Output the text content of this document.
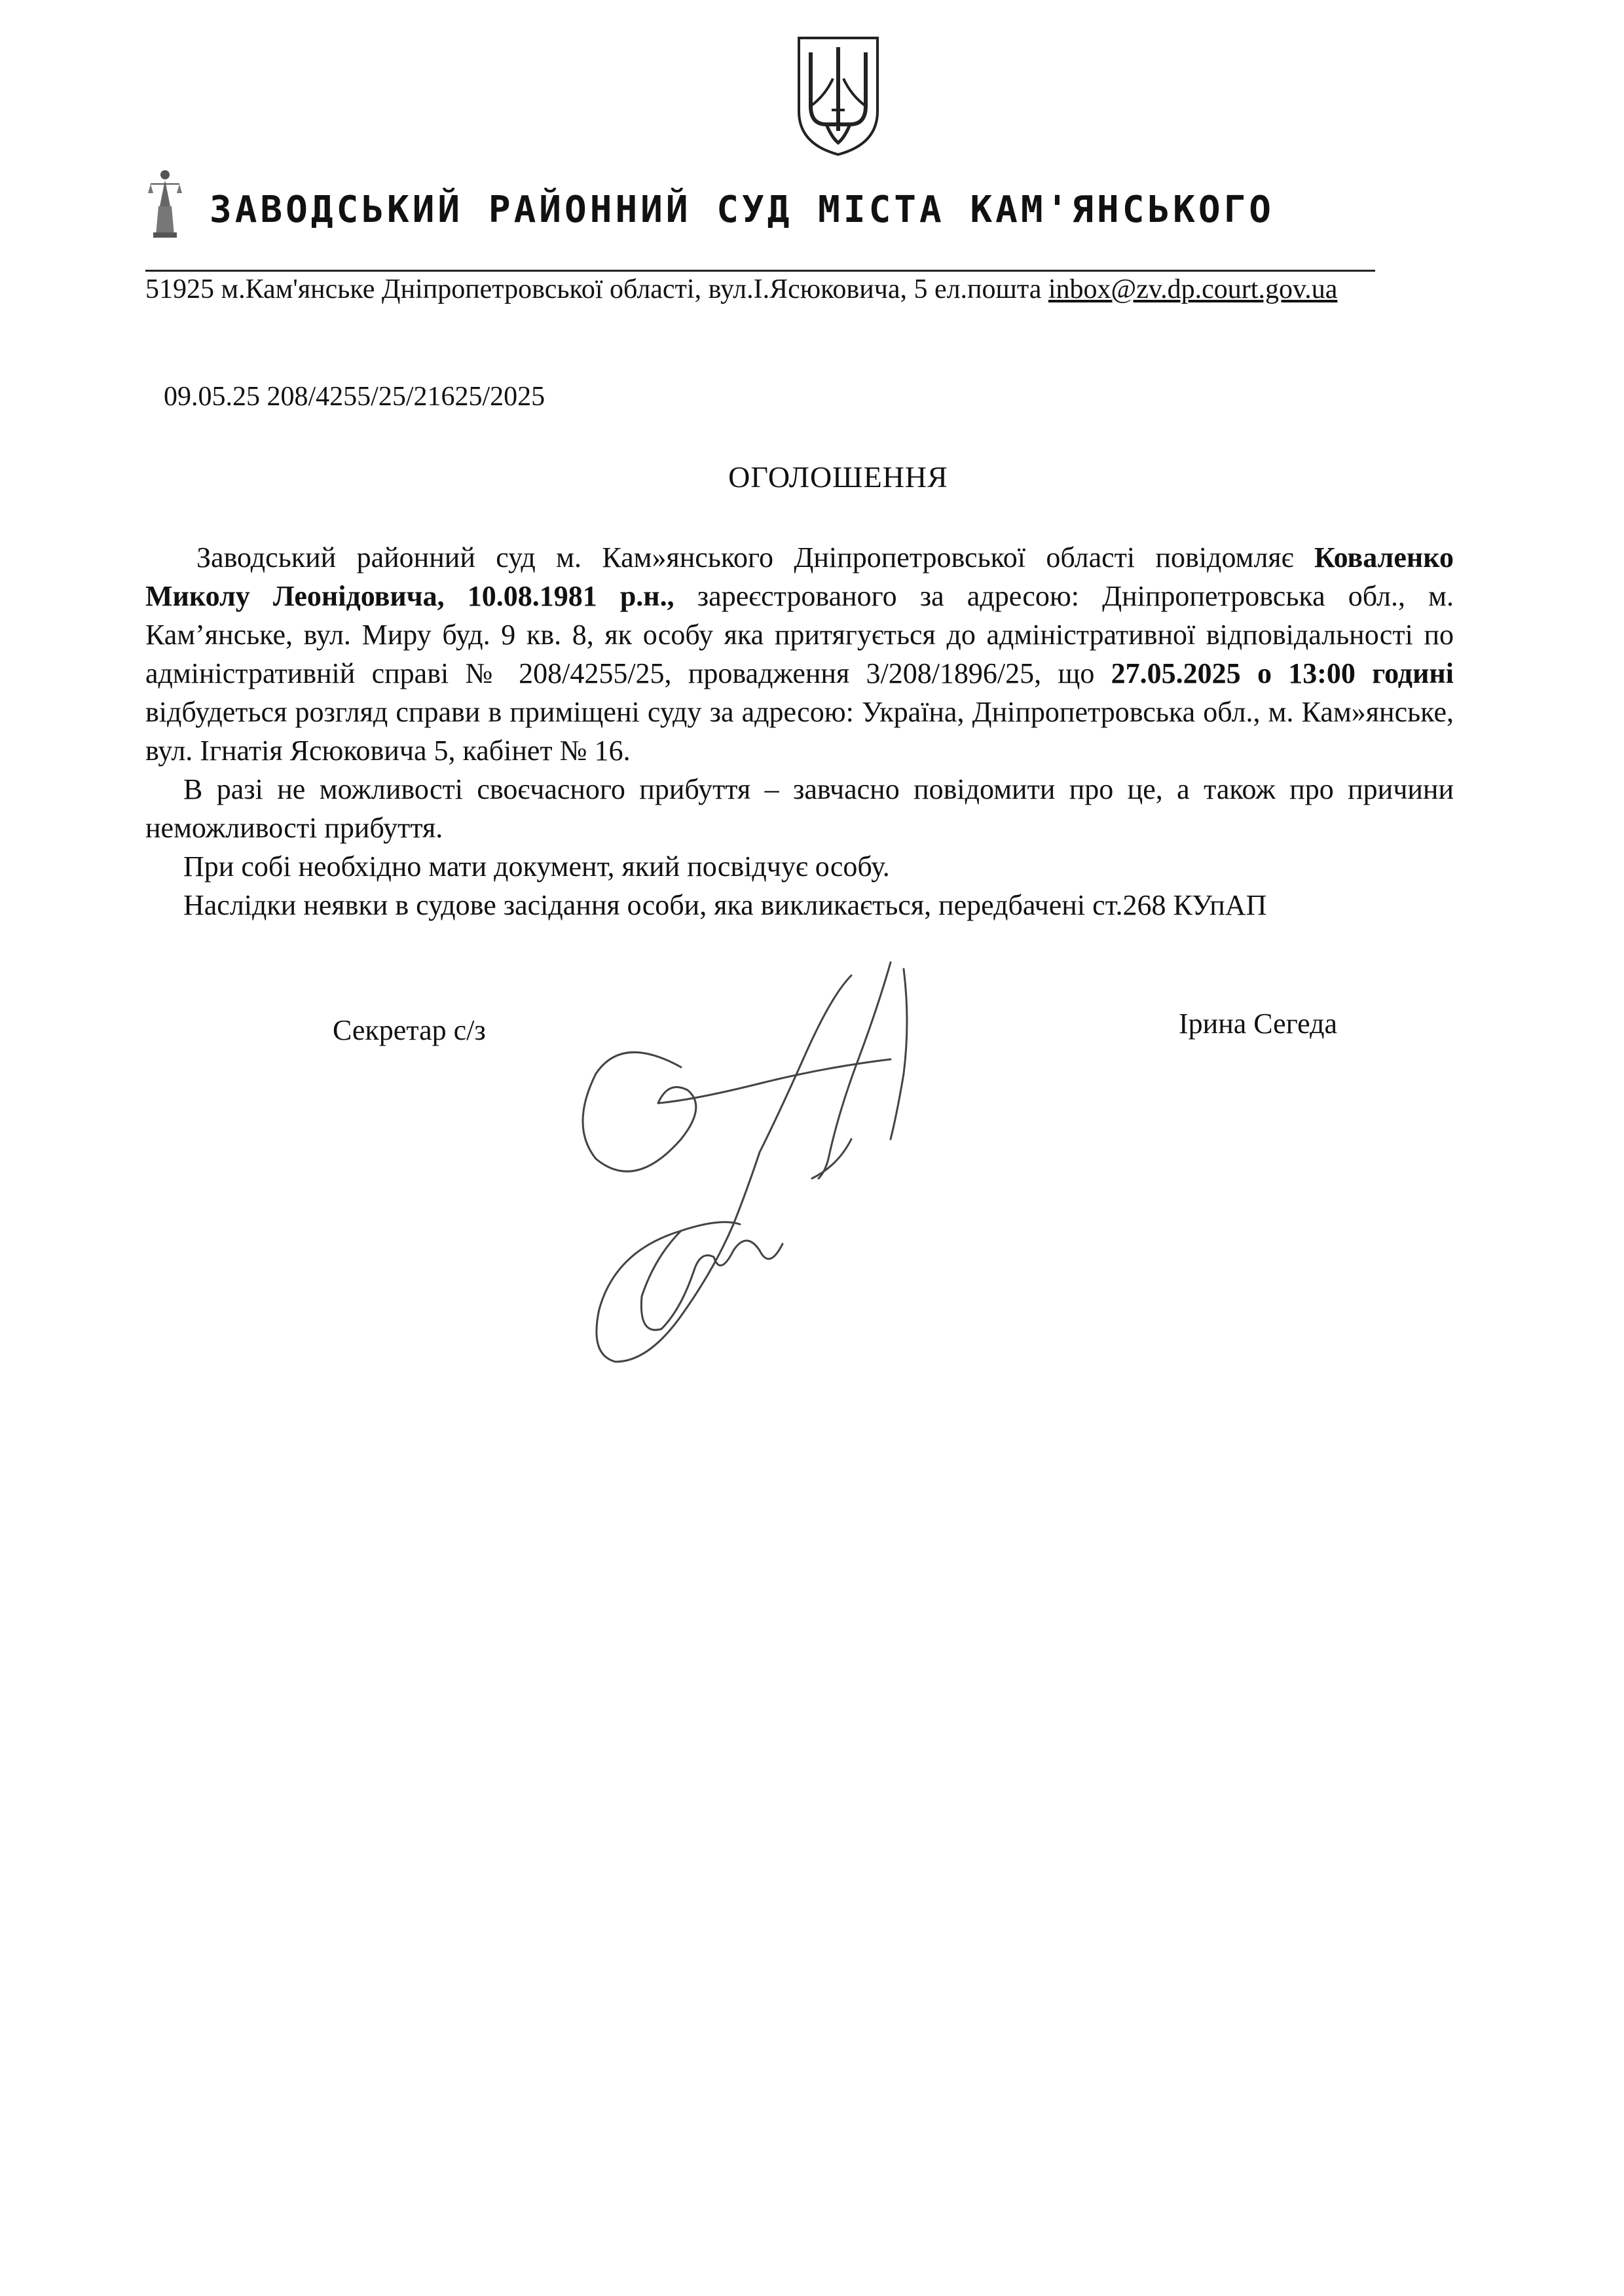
ЗАВОДСЬКИЙ РАЙОННИЙ СУД МІСТА КАМ'ЯНСЬКОГО
51925 м.Кам'янське Дніпропетровської області, вул.І.Ясюковича, 5 ел.пошта inbox@zv.dp.court.gov.ua
09.05.25 208/4255/25/21625/2025
ОГОЛОШЕННЯ

Заводський районний суд м. Кам»янського Дніпропетровської області повідомляє Коваленко Миколу Леонідовича, 10.08.1981 р.н., зареєстрованого за адресою: Дніпропетровська обл., м. Кам’янське, вул. Миру буд. 9 кв. 8, як особу яка притягується до адміністративної відповідальності по адміністративній справі № 208/4255/25, провадження 3/208/1896/25, що 27.05.2025 о 13:00 годині відбудеться розгляд справи в приміщені суду за адресою: Україна, Дніпропетровська обл., м. Кам»янське, вул. Ігнатія Ясюковича 5, кабінет № 16.

В разі не можливості своєчасного прибуття – завчасно повідомити про це, а також про причини неможливості прибуття.

При собі необхідно мати документ, який посвідчує особу.

Наслідки неявки в судове засідання особи, яка викликається, передбачені ст.268 КУпАП

Секретар с/з	Ірина Сегеда
